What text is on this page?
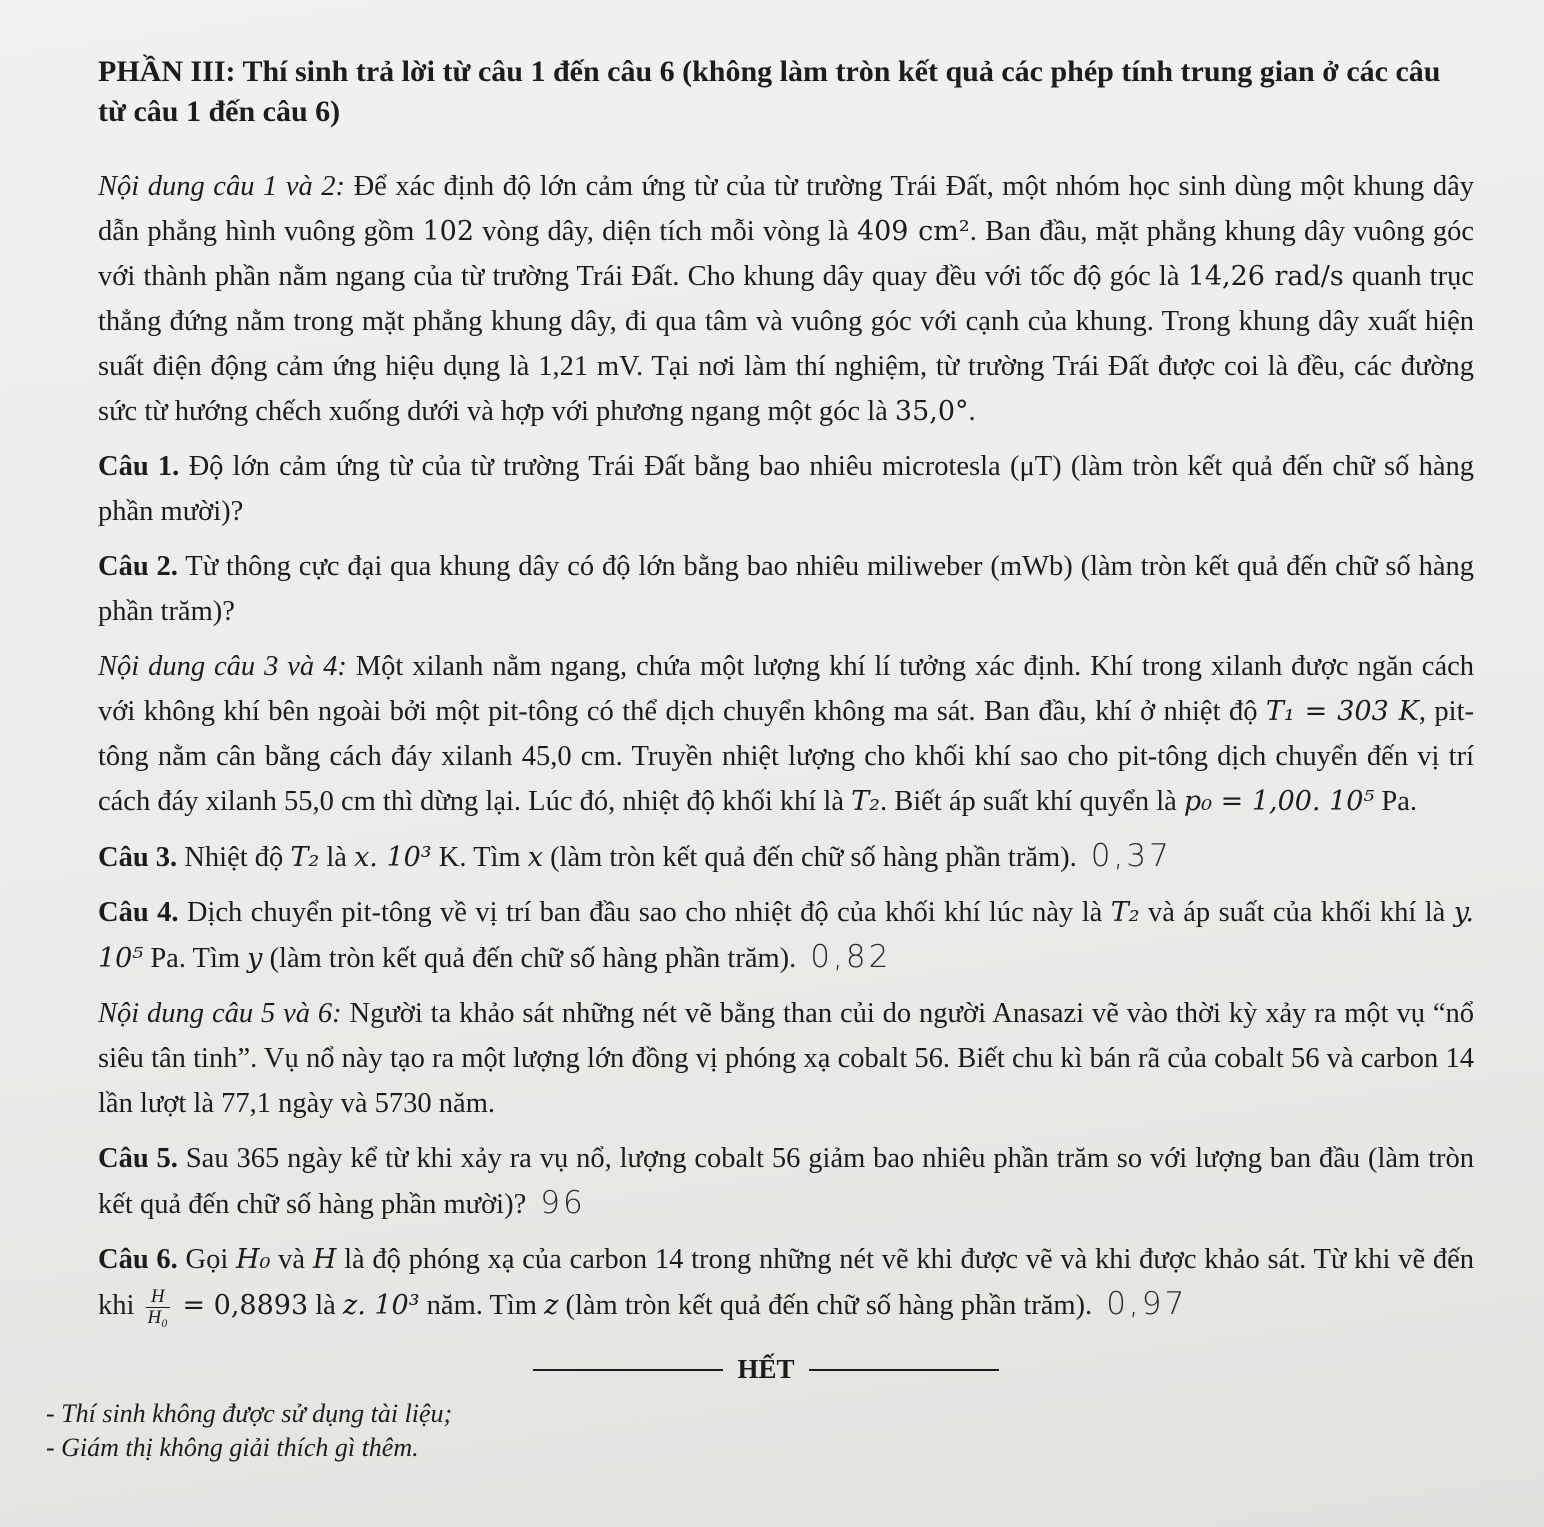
PHẦN III: Thí sinh trả lời từ câu 1 đến câu 6 (không làm tròn kết quả các phép tính trung gian ở các câu từ câu 1 đến câu 6)

Nội dung câu 1 và 2: Để xác định độ lớn cảm ứng từ của từ trường Trái Đất, một nhóm học sinh dùng một khung dây dẫn phẳng hình vuông gồm 102 vòng dây, diện tích mỗi vòng là 409 cm². Ban đầu, mặt phẳng khung dây vuông góc với thành phần nằm ngang của từ trường Trái Đất. Cho khung dây quay đều với tốc độ góc là 14,26 rad/s quanh trục thẳng đứng nằm trong mặt phẳng khung dây, đi qua tâm và vuông góc với cạnh của khung. Trong khung dây xuất hiện suất điện động cảm ứng hiệu dụng là 1,21 mV. Tại nơi làm thí nghiệm, từ trường Trái Đất được coi là đều, các đường sức từ hướng chếch xuống dưới và hợp với phương ngang một góc là 35,0°.

Câu 1. Độ lớn cảm ứng từ của từ trường Trái Đất bằng bao nhiêu microtesla (μT) (làm tròn kết quả đến chữ số hàng phần mười)?

Câu 2. Từ thông cực đại qua khung dây có độ lớn bằng bao nhiêu miliweber (mWb) (làm tròn kết quả đến chữ số hàng phần trăm)?

Nội dung câu 3 và 4: Một xilanh nằm ngang, chứa một lượng khí lí tưởng xác định. Khí trong xilanh được ngăn cách với không khí bên ngoài bởi một pit-tông có thể dịch chuyển không ma sát. Ban đầu, khí ở nhiệt độ T₁ = 303 K, pit-tông nằm cân bằng cách đáy xilanh 45,0 cm. Truyền nhiệt lượng cho khối khí sao cho pit-tông dịch chuyển đến vị trí cách đáy xilanh 55,0 cm thì dừng lại. Lúc đó, nhiệt độ khối khí là T₂. Biết áp suất khí quyển là p₀ = 1,00. 10⁵ Pa.

Câu 3. Nhiệt độ T₂ là x. 10³ K. Tìm x (làm tròn kết quả đến chữ số hàng phần trăm). 0,37

Câu 4. Dịch chuyển pit-tông về vị trí ban đầu sao cho nhiệt độ của khối khí lúc này là T₂ và áp suất của khối khí là y. 10⁵ Pa. Tìm y (làm tròn kết quả đến chữ số hàng phần trăm). 0,82

Nội dung câu 5 và 6: Người ta khảo sát những nét vẽ bằng than củi do người Anasazi vẽ vào thời kỳ xảy ra một vụ “nổ siêu tân tinh”. Vụ nổ này tạo ra một lượng lớn đồng vị phóng xạ cobalt 56. Biết chu kì bán rã của cobalt 56 và carbon 14 lần lượt là 77,1 ngày và 5730 năm.

Câu 5. Sau 365 ngày kể từ khi xảy ra vụ nổ, lượng cobalt 56 giảm bao nhiêu phần trăm so với lượng ban đầu (làm tròn kết quả đến chữ số hàng phần mười)? 96

Câu 6. Gọi H₀ và H là độ phóng xạ của carbon 14 trong những nét vẽ khi được vẽ và khi được khảo sát. Từ khi vẽ đến khi $\frac{H}{\text{H₀}} = 0,8893$ là z. 10³ năm. Tìm z (làm tròn kết quả đến chữ số hàng phần trăm). 0,97

HẾT
- Thí sinh không được sử dụng tài liệu;
- Giám thị không giải thích gì thêm.
